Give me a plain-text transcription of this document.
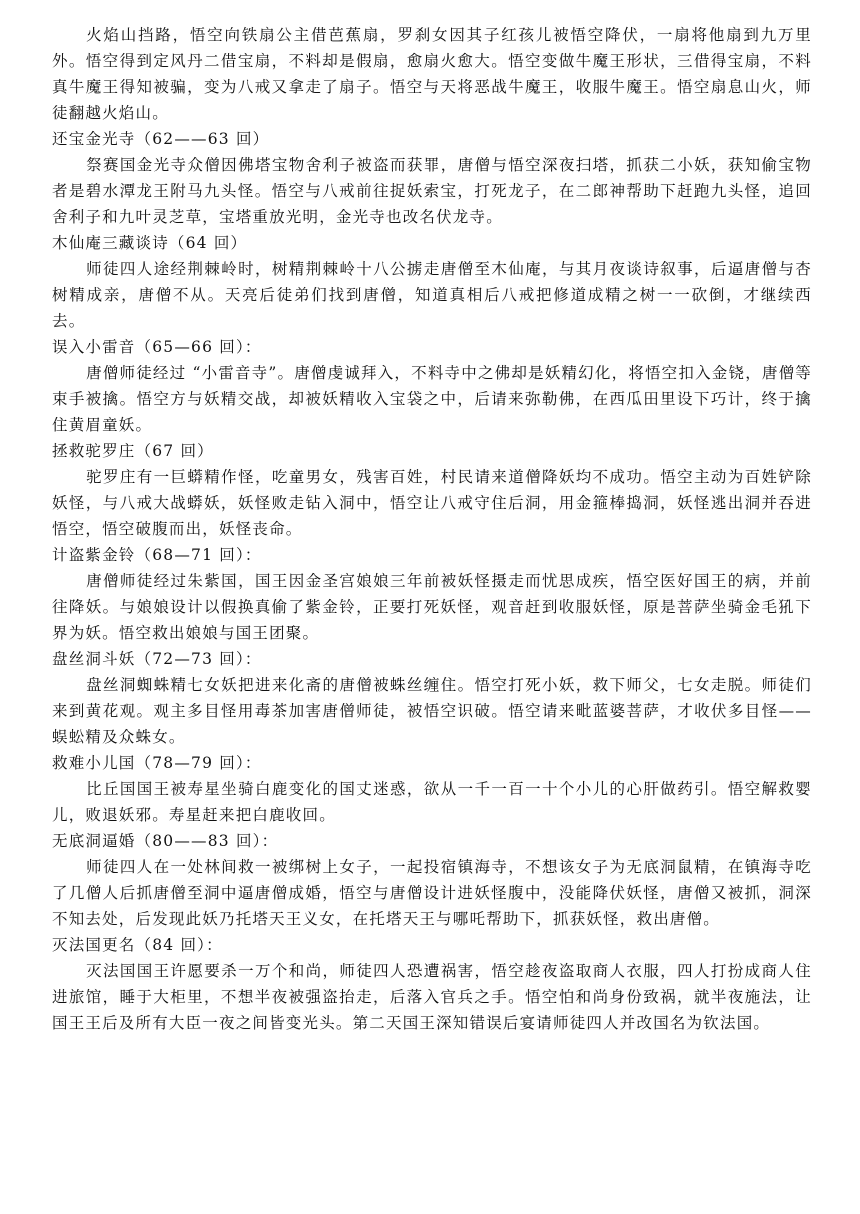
火焰山挡路，悟空向铁扇公主借芭蕉扇，罗刹女因其子红孩儿被悟空降伏，一扇将他扇到九万里外。悟空得到定风丹二借宝扇，不料却是假扇，愈扇火愈大。悟空变做牛魔王形状，三借得宝扇，不料真牛魔王得知被骗，变为八戒又拿走了扇子。悟空与天将恶战牛魔王，收服牛魔王。悟空扇息山火，师徒翻越火焰山。

还宝金光寺（62——63 回）

祭赛国金光寺众僧因佛塔宝物舍利子被盗而获罪，唐僧与悟空深夜扫塔，抓获二小妖，获知偷宝物者是碧水潭龙王附马九头怪。悟空与八戒前往捉妖索宝，打死龙子，在二郎神帮助下赶跑九头怪，追回舍利子和九叶灵芝草，宝塔重放光明，金光寺也改名伏龙寺。

木仙庵三藏谈诗（64 回）

师徒四人途经荆棘岭时，树精荆棘岭十八公掳走唐僧至木仙庵，与其月夜谈诗叙事，后逼唐僧与杏树精成亲，唐僧不从。天亮后徒弟们找到唐僧，知道真相后八戒把修道成精之树一一砍倒，才继续西去。

误入小雷音（65—66 回）：

唐僧师徒经过 “小雷音寺”。唐僧虔诚拜入，不料寺中之佛却是妖精幻化，将悟空扣入金铙，唐僧等束手被擒。悟空方与妖精交战，却被妖精收入宝袋之中，后请来弥勒佛，在西瓜田里设下巧计，终于擒住黄眉童妖。

拯救驼罗庄（67 回）

驼罗庄有一巨蟒精作怪，吃童男女，残害百姓，村民请来道僧降妖均不成功。悟空主动为百姓铲除妖怪，与八戒大战蟒妖，妖怪败走钻入洞中，悟空让八戒守住后洞，用金箍棒捣洞，妖怪逃出洞并吞进悟空，悟空破腹而出，妖怪丧命。

计盗紫金铃（68—71 回）：

唐僧师徒经过朱紫国，国王因金圣宫娘娘三年前被妖怪摄走而忧思成疾，悟空医好国王的病，并前往降妖。与娘娘设计以假换真偷了紫金铃，正要打死妖怪，观音赶到收服妖怪，原是菩萨坐骑金毛犼下界为妖。悟空救出娘娘与国王团聚。

盘丝洞斗妖（72—73 回）：

盘丝洞蜘蛛精七女妖把进来化斋的唐僧被蛛丝缠住。悟空打死小妖，救下师父，七女走脱。师徒们来到黄花观。观主多目怪用毒茶加害唐僧师徒，被悟空识破。悟空请来毗蓝婆菩萨，才收伏多目怪——蜈蚣精及众蛛女。

救难小儿国（78—79 回）：

比丘国国王被寿星坐骑白鹿变化的国丈迷惑，欲从一千一百一十个小儿的心肝做药引。悟空解救婴儿，败退妖邪。寿星赶来把白鹿收回。

无底洞逼婚（80——83 回）：

师徒四人在一处林间救一被绑树上女子，一起投宿镇海寺，不想该女子为无底洞鼠精，在镇海寺吃了几僧人后抓唐僧至洞中逼唐僧成婚，悟空与唐僧设计进妖怪腹中，没能降伏妖怪，唐僧又被抓，洞深不知去处，后发现此妖乃托塔天王义女，在托塔天王与哪吒帮助下，抓获妖怪，救出唐僧。

灭法国更名（84 回）：

灭法国国王许愿要杀一万个和尚，师徒四人恐遭祸害，悟空趁夜盗取商人衣服，四人打扮成商人住进旅馆，睡于大柜里，不想半夜被强盗抬走，后落入官兵之手。悟空怕和尚身份致祸，就半夜施法，让国王王后及所有大臣一夜之间皆变光头。第二天国王深知错误后宴请师徒四人并改国名为钦法国。
